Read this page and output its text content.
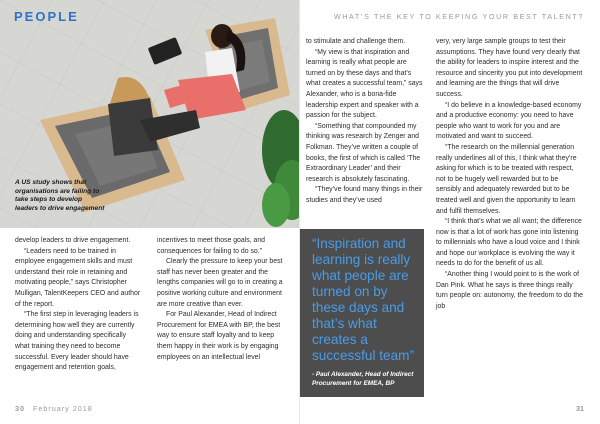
PEOPLE
A US study shows that organisations are failing to take steps to develop leaders to drive engagement

develop leaders to drive engagement.

“Leaders need to be trained in employee engagement skills and must understand their role in retaining and motivating people,” says Christopher Mulligan, TalentKeepers CEO and author of the report.

“The first step in leveraging leaders is determining how well they are currently doing and understanding specifically what training they need to become successful. Every leader should have engagement and retention goals,

incentives to meet those goals, and consequences for failing to do so.”

Clearly the pressure to keep your best staff has never been greater and the lengths companies will go to in creating a positive working culture and environment are more creative than ever.

For Paul Alexander, Head of Indirect Procurement for EMEA with BP, the best way to ensure staff loyalty and to keep them happy in their work is by engaging employees on an intellectual level

30 February 2018
WHAT’S THE KEY TO KEEPING YOUR BEST TALENT?

to stimulate and challenge them.

“My view is that inspiration and learning is really what people are turned on by these days and that’s what creates a successful team,” says Alexander, who is a bona-fide leadership expert and speaker with a passion for the subject.

“Something that compounded my thinking was research by Zenger and Folkman. They’ve written a couple of books, the first of which is called ‘The Extraordinary Leader’ and their research is absolutely fascinating.

“They’ve found many things in their studies and they’ve used

very, very large sample groups to test their assumptions. They have found very clearly that the ability for leaders to inspire interest and the resource and sincerity you put into development and learning are the things that will drive success.

“I do believe in a knowledge-based economy and a productive economy: you need to have people who want to work for you and are motivated and want to succeed.

“The research on the millennial generation really underlines all of this, I think what they’re asking for which is to be treated with respect, not to be hugely well rewarded but to be sensibly and adequately rewarded but to be treated well and given the opportunity to learn and fulfil themselves.

“I think that’s what we all want; the difference now is that a lot of work has gone into listening to millennials who have a loud voice and I think and hope our workplace is evolving the way it needs to do for the benefit of us all.

“Another thing I would point to is the work of Dan Pink. What he says is three things really turn people on: autonomy, the freedom to do the job

31
“Inspiration and learning is really what people are turned on by these days and that’s what creates a successful team”
- Paul Alexander, Head of Indirect Procurement for EMEA, BP
